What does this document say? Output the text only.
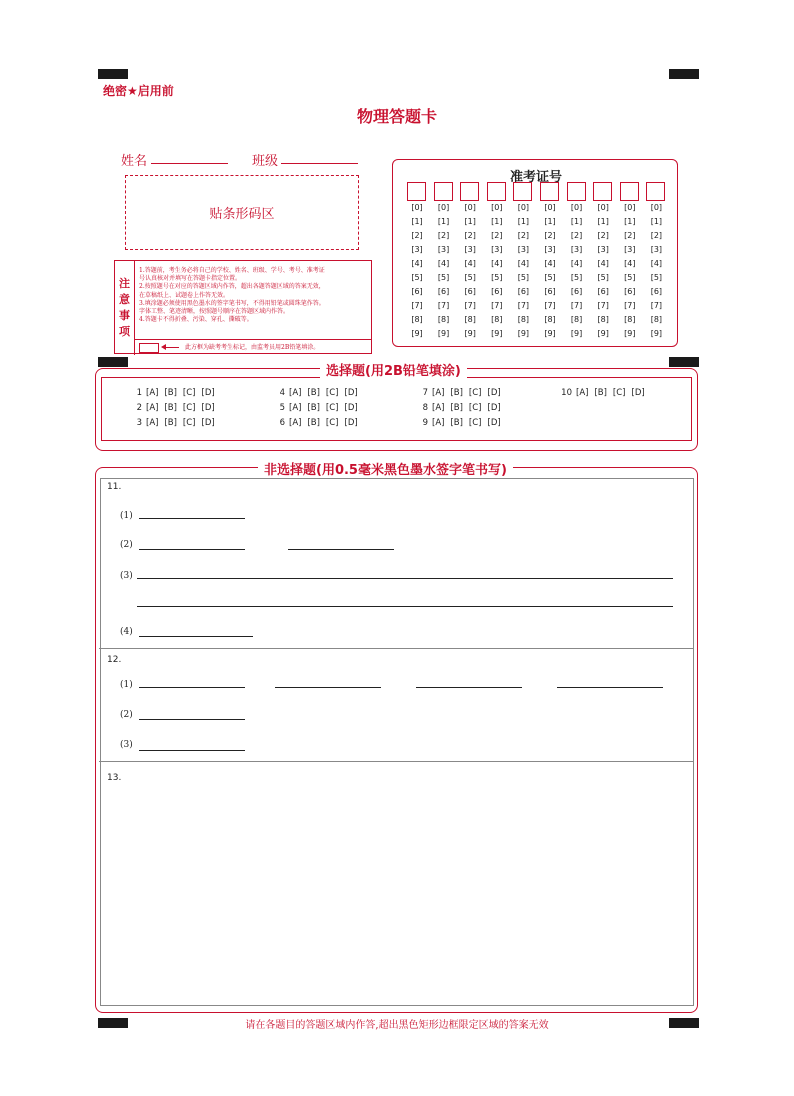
绝密★启用前
物理答题卡
姓名	班级
贴条形码区
注
意
事
项
1.答题前，考生务必将自己的学校、姓名、班级、学号、考号、准考证
号认真核对并填写在答题卡指定位置。
2.按照题号在对应的答题区域内作答，超出各题答题区域的答案无效，
在草稿纸上、试题卷上作答无效。
3.填涂题必须使用黑色墨水的签字笔书写，不得用铅笔或圆珠笔作答。
字体工整、笔迹清晰，按照题号顺序在答题区域内作答。
4.答题卡不得折叠、污染、穿孔、撕破等。
此方框为缺考考生标记，由监考员用2B铅笔填涂。
准考证号
[0]
[1]
[2]
[3]
[4]
[5]
[6]
[7]
[8]
[9]
[0]
[1]
[2]
[3]
[4]
[5]
[6]
[7]
[8]
[9]
[0]
[1]
[2]
[3]
[4]
[5]
[6]
[7]
[8]
[9]
[0]
[1]
[2]
[3]
[4]
[5]
[6]
[7]
[8]
[9]
[0]
[1]
[2]
[3]
[4]
[5]
[6]
[7]
[8]
[9]
[0]
[1]
[2]
[3]
[4]
[5]
[6]
[7]
[8]
[9]
[0]
[1]
[2]
[3]
[4]
[5]
[6]
[7]
[8]
[9]
[0]
[1]
[2]
[3]
[4]
[5]
[6]
[7]
[8]
[9]
[0]
[1]
[2]
[3]
[4]
[5]
[6]
[7]
[8]
[9]
[0]
[1]
[2]
[3]
[4]
[5]
[6]
[7]
[8]
[9]
选择题(用2B铅笔填涂)
1 [A] [B] [C] [D]
2 [A] [B] [C] [D]
3 [A] [B] [C] [D]
4 [A] [B] [C] [D]
5 [A] [B] [C] [D]
6 [A] [B] [C] [D]
7 [A] [B] [C] [D]
8 [A] [B] [C] [D]
9 [A] [B] [C] [D]
10 [A] [B] [C] [D]
非选择题(用0.5毫米黑色墨水签字笔书写)
11.
(1)
(2)
(3)
(4)
12.
(1)
(2)
(3)
13.
请在各题目的答题区域内作答,超出黑色矩形边框限定区域的答案无效
